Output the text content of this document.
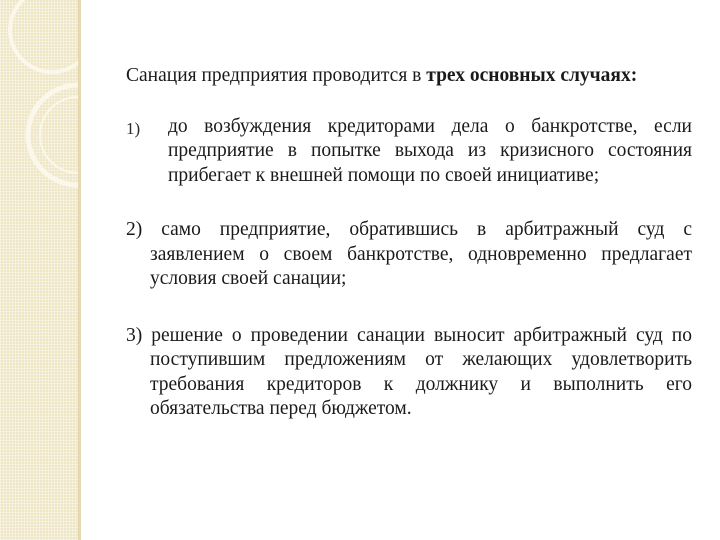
Санация предприятия проводится в трех основных случаях:

1)	до возбуждения кредиторами дела о банкротстве, если предприятие в попытке выхода из кризисного состояния прибегает к внешней помощи по своей инициативе;

2) само предприятие, обратившись в арбитражный суд с заявлением о своем банкротстве, одновременно предлагает условия своей санации;

3) решение о проведении санации выносит арбитражный суд по поступившим предложениям от желающих удовлетворить требования кредиторов к должнику и выполнить его обязательства перед бюджетом.
